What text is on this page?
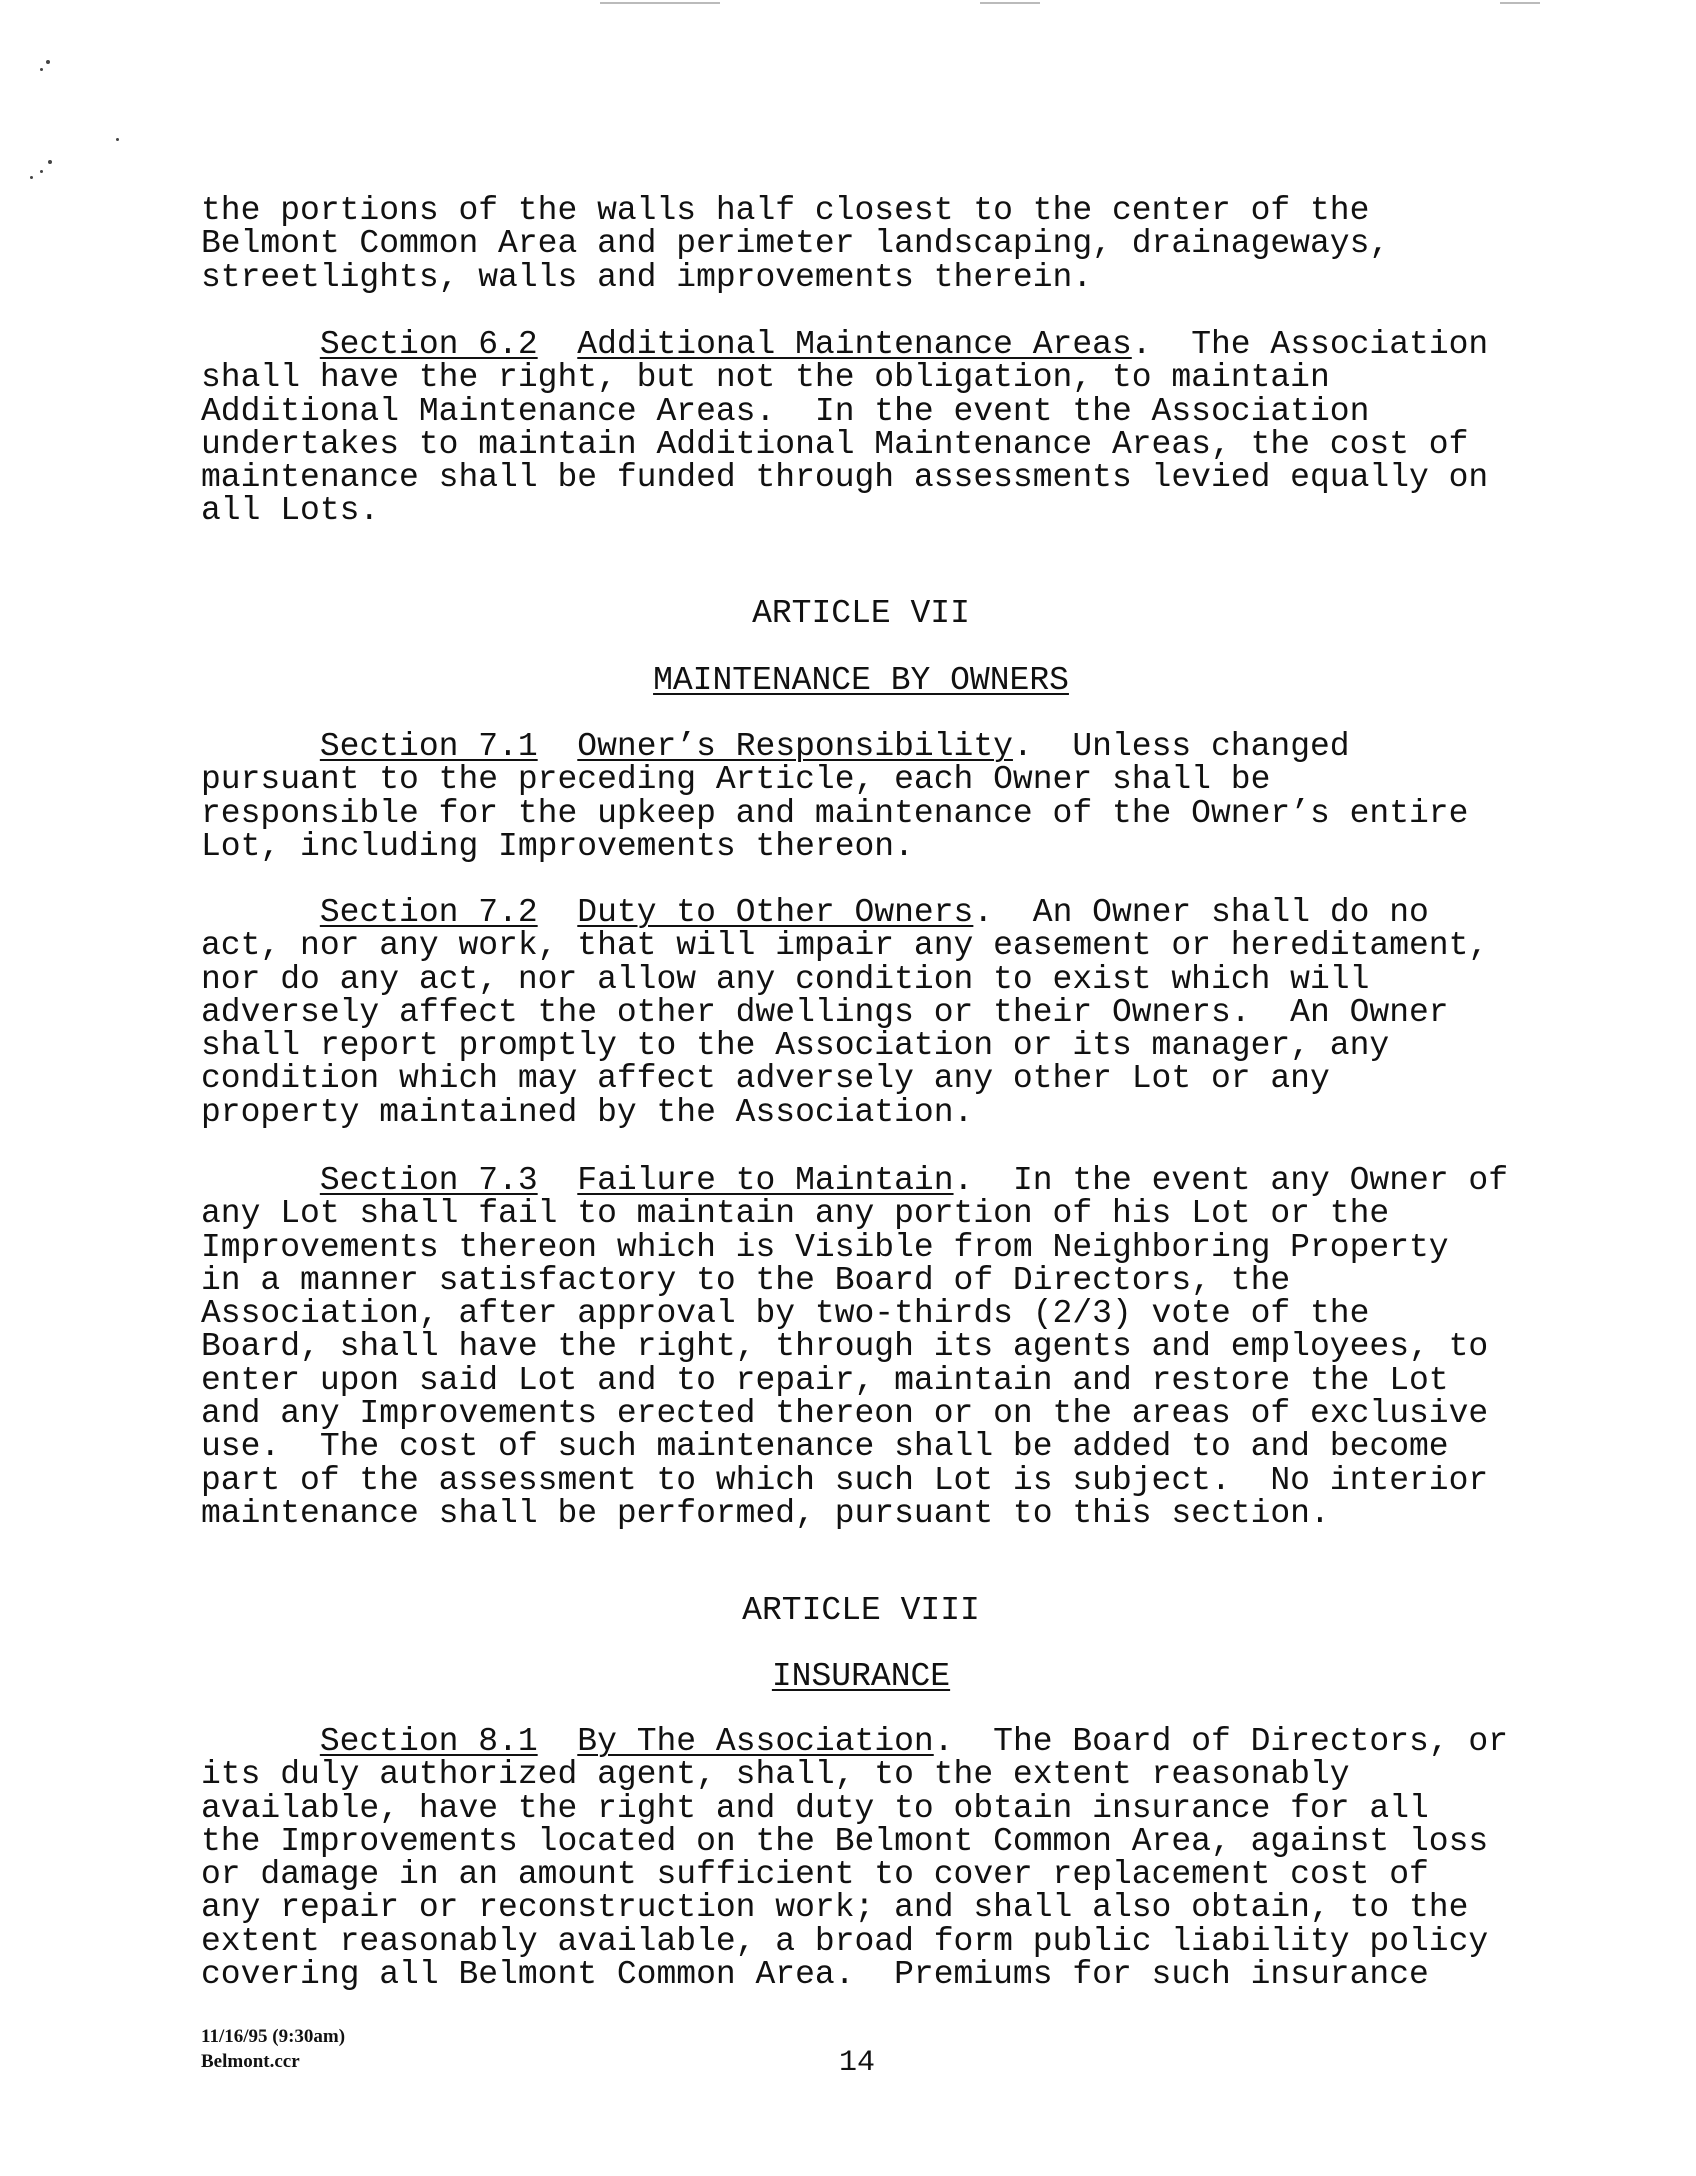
the portions of the walls half closest to the center of the
Belmont Common Area and perimeter landscaping, drainageways,
streetlights, walls and improvements therein.
Section 6.2 Additional Maintenance Areas.  The Association
shall have the right, but not the obligation, to maintain
Additional Maintenance Areas.  In the event the Association
undertakes to maintain Additional Maintenance Areas, the cost of
maintenance shall be funded through assessments levied equally on
all Lots.
ARTICLE VII
MAINTENANCE BY OWNERS
Section 7.1 Owner’s Responsibility.  Unless changed
pursuant to the preceding Article, each Owner shall be
responsible for the upkeep and maintenance of the Owner’s entire
Lot, including Improvements thereon.
Section 7.2 Duty to Other Owners.  An Owner shall do no
act, nor any work, that will impair any easement or hereditament,
nor do any act, nor allow any condition to exist which will
adversely affect the other dwellings or their Owners.  An Owner
shall report promptly to the Association or its manager, any
condition which may affect adversely any other Lot or any
property maintained by the Association.
Section 7.3 Failure to Maintain.  In the event any Owner of
any Lot shall fail to maintain any portion of his Lot or the
Improvements thereon which is Visible from Neighboring Property
in a manner satisfactory to the Board of Directors, the
Association, after approval by two-thirds (2/3) vote of the
Board, shall have the right, through its agents and employees, to
enter upon said Lot and to repair, maintain and restore the Lot
and any Improvements erected thereon or on the areas of exclusive
use.  The cost of such maintenance shall be added to and become
part of the assessment to which such Lot is subject.  No interior
maintenance shall be performed, pursuant to this section.
ARTICLE VIII
INSURANCE
Section 8.1 By The Association.  The Board of Directors, or
its duly authorized agent, shall, to the extent reasonably
available, have the right and duty to obtain insurance for all
the Improvements located on the Belmont Common Area, against loss
or damage in an amount sufficient to cover replacement cost of
any repair or reconstruction work; and shall also obtain, to the
extent reasonably available, a broad form public liability policy
covering all Belmont Common Area.  Premiums for such insurance
11/16/95 (9:30am)
Belmont.ccr	14
